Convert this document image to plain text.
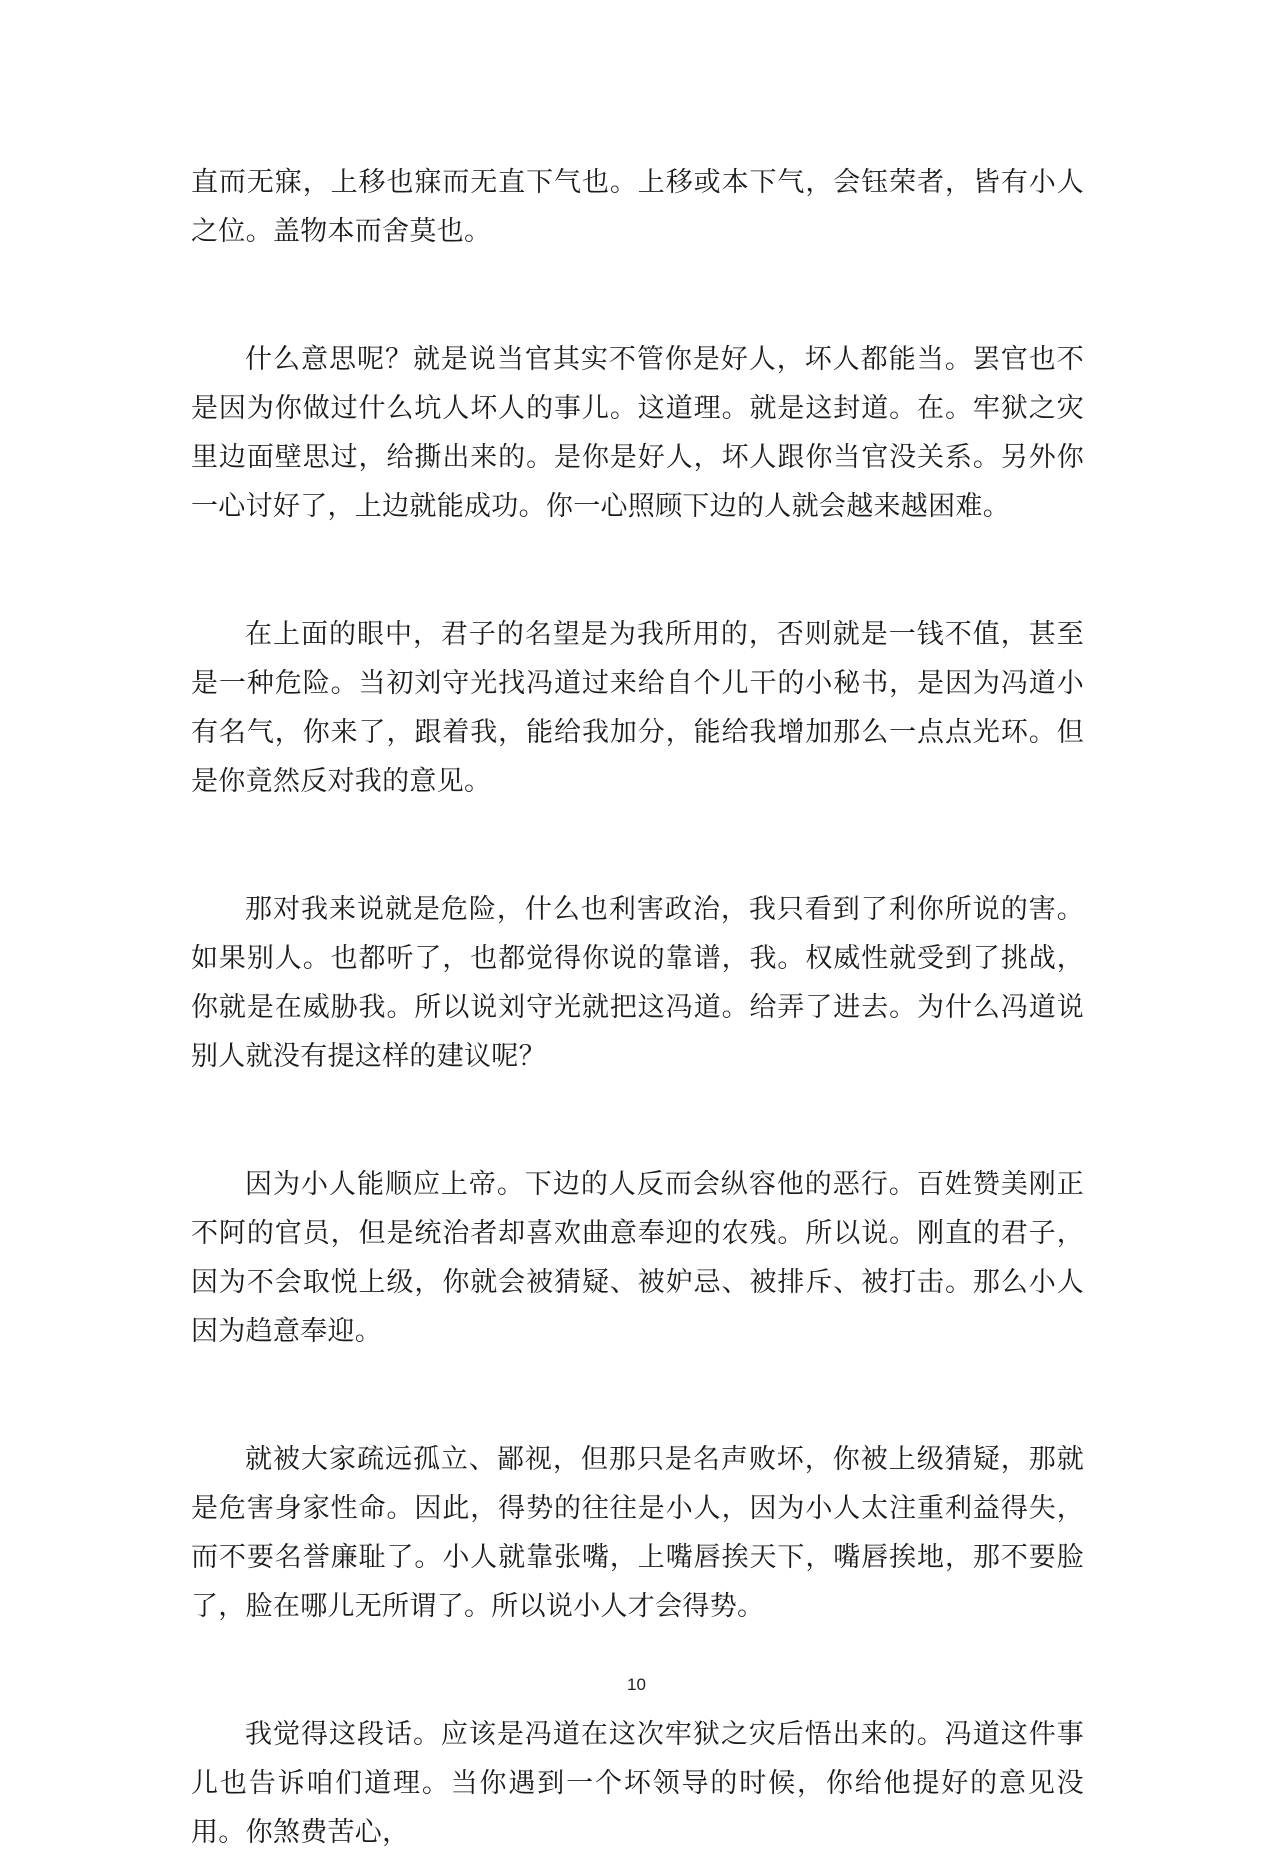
直而无寐，上移也寐而无直下气也。上移或本下气，会钰荣者，皆有小人之位。盖物本而舍莫也。

什么意思呢？就是说当官其实不管你是好人，坏人都能当。罢官也不是因为你做过什么坑人坏人的事儿。这道理。就是这封道。在。牢狱之灾里边面壁思过，给撕出来的。是你是好人，坏人跟你当官没关系。另外你一心讨好了，上边就能成功。你一心照顾下边的人就会越来越困难。

在上面的眼中，君子的名望是为我所用的，否则就是一钱不值，甚至是一种危险。当初刘守光找冯道过来给自个儿干的小秘书，是因为冯道小有名气，你来了，跟着我，能给我加分，能给我增加那么一点点光环。但是你竟然反对我的意见。

那对我来说就是危险，什么也利害政治，我只看到了利你所说的害。如果别人。也都听了，也都觉得你说的靠谱，我。权威性就受到了挑战，你就是在威胁我。所以说刘守光就把这冯道。给弄了进去。为什么冯道说别人就没有提这样的建议呢？

因为小人能顺应上帝。下边的人反而会纵容他的恶行。百姓赞美刚正不阿的官员，但是统治者却喜欢曲意奉迎的农残。所以说。刚直的君子，因为不会取悦上级，你就会被猜疑、被妒忌、被排斥、被打击。那么小人因为趋意奉迎。

就被大家疏远孤立、鄙视，但那只是名声败坏，你被上级猜疑，那就是危害身家性命。因此，得势的往往是小人，因为小人太注重利益得失，而不要名誉廉耻了。小人就靠张嘴，上嘴唇挨天下，嘴唇挨地，那不要脸了，脸在哪儿无所谓了。所以说小人才会得势。

我觉得这段话。应该是冯道在这次牢狱之灾后悟出来的。冯道这件事儿也告诉咱们道理。当你遇到一个坏领导的时候，你给他提好的意见没用。你煞费苦心，

10
